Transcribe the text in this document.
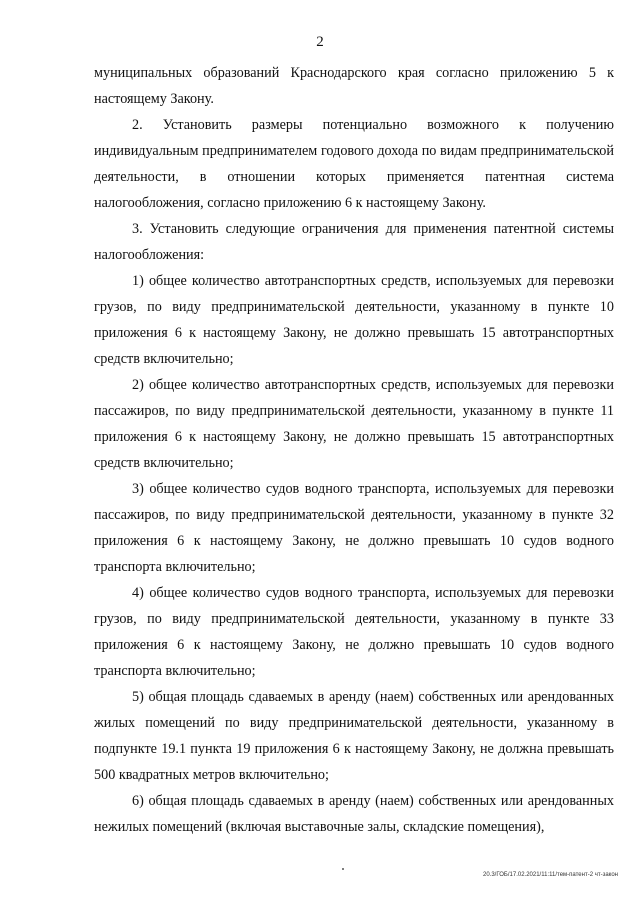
2

муниципальных образований Краснодарского края согласно приложению 5 к настоящему Закону.

2. Установить размеры потенциально возможного к получению индивидуальным предпринимателем годового дохода по видам предпринимательской деятельности, в отношении которых применяется патентная система налогообложения, согласно приложению 6 к настоящему Закону.

3. Установить следующие ограничения для применения патентной системы налогообложения:

1) общее количество автотранспортных средств, используемых для перевозки грузов, по виду предпринимательской деятельности, указанному в пункте 10 приложения 6 к настоящему Закону, не должно превышать 15 автотранспортных средств включительно;

2) общее количество автотранспортных средств, используемых для перевозки пассажиров, по виду предпринимательской деятельности, указанному в пункте 11 приложения 6 к настоящему Закону, не должно превышать 15 автотранспортных средств включительно;

3) общее количество судов водного транспорта, используемых для перевозки пассажиров, по виду предпринимательской деятельности, указанному в пункте 32 приложения 6 к настоящему Закону, не должно превышать 10 судов водного транспорта включительно;

4) общее количество судов водного транспорта, используемых для перевозки грузов, по виду предпринимательской деятельности, указанному в пункте 33 приложения 6 к настоящему Закону, не должно превышать 10 судов водного транспорта включительно;

5) общая площадь сдаваемых в аренду (наем) собственных или арендованных жилых помещений по виду предпринимательской деятельности, указанному в подпункте 19.1 пункта 19 приложения 6 к настоящему Закону, не должна превышать 500 квадратных метров включительно;

6) общая площадь сдаваемых в аренду (наем) собственных или арендованных нежилых помещений (включая выставочные залы, складские помещения),

20.3/ГОБ/17.02.2021/11:11/тем-патент-2 чт-закон
